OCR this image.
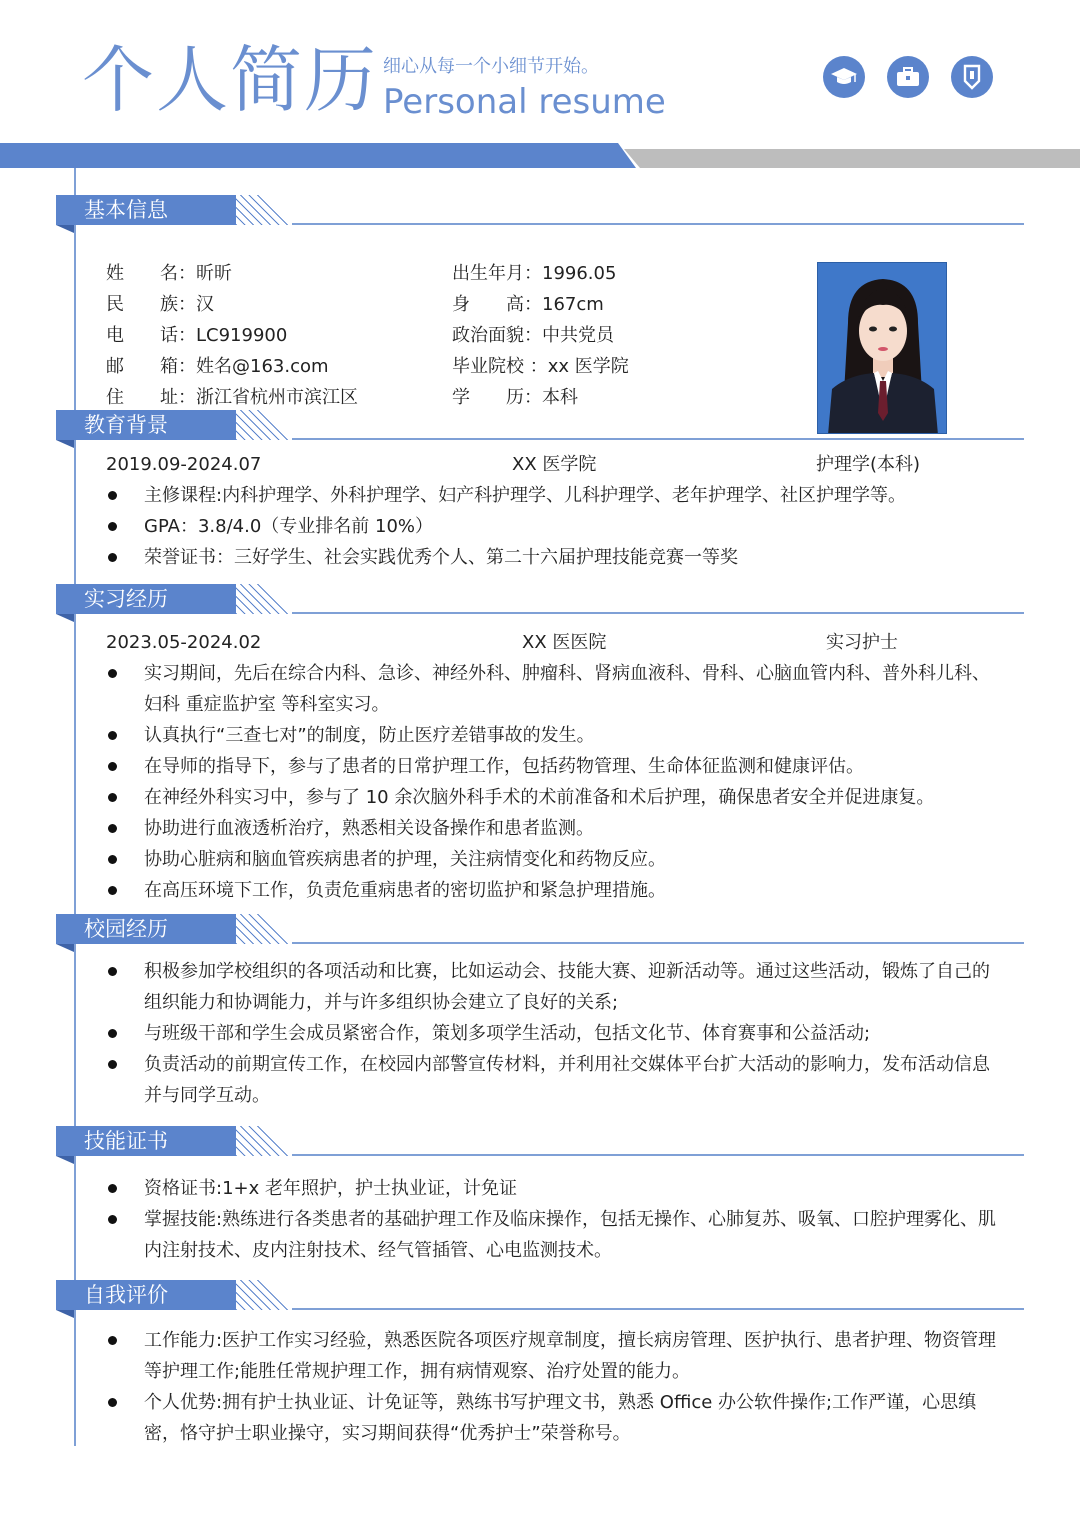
个人简历 细心从每一个小细节开始。
Personal resume
基本信息
姓　　名：昕昕
民　　族：汉
电　　话：LC919900
邮　　箱：姓名@163.com
住　　址：浙江省杭州市滨江区
出生年月：1996.05
身　　高：167cm
政治面貌：中共党员
毕业院校 ：xx 医学院
学　　历：本科
教育背景
2019.09-2024.07	XX 医学院	护理学(本科)
主修课程:内科护理学、外科护理学、妇产科护理学、儿科护理学、老年护理学、社区护理学等。
GPA：3.8/4.0（专业排名前 10%）
荣誉证书：三好学生、社会实践优秀个人、第二十六届护理技能竞赛一等奖
实习经历
2023.05-2024.02	XX 医医院	实习护士
实习期间，先后在综合内科、急诊、神经外科、肿瘤科、肾病血液科、骨科、心脑血管内科、普外科儿科、妇科 重症监护室 等科室实习。
认真执行“三查七对”的制度，防止医疗差错事故的发生。
在导师的指导下，参与了患者的日常护理工作，包括药物管理、生命体征监测和健康评估。
在神经外科实习中，参与了 10 余次脑外科手术的术前准备和术后护理，确保患者安全并促进康复。
协助进行血液透析治疗，熟悉相关设备操作和患者监测。
协助心脏病和脑血管疾病患者的护理，关注病情变化和药物反应。
在高压环境下工作，负责危重病患者的密切监护和紧急护理措施。
校园经历
积极参加学校组织的各项活动和比赛，比如运动会、技能大赛、迎新活动等。通过这些活动，锻炼了自己的组织能力和协调能力，并与许多组织协会建立了良好的关系;
与班级干部和学生会成员紧密合作，策划多项学生活动，包括文化节、体育赛事和公益活动;
负责活动的前期宣传工作，在校园内部警宣传材料，并利用社交媒体平台扩大活动的影响力，发布活动信息并与同学互动。
技能证书
资格证书:1+x 老年照护，护士执业证，计免证
掌握技能:熟练进行各类患者的基础护理工作及临床操作，包括无操作、心肺复苏、吸氧、口腔护理雾化、肌内注射技术、皮内注射技术、经气管插管、心电监测技术。
自我评价
工作能力:医护工作实习经验，熟悉医院各项医疗规章制度，擅长病房管理、医护执行、患者护理、物资管理等护理工作;能胜任常规护理工作，拥有病情观察、治疗处置的能力。
个人优势:拥有护士执业证、计免证等，熟练书写护理文书，熟悉 Office 办公软件操作;工作严谨，心思缜密，恪守护士职业操守，实习期间获得“优秀护士”荣誉称号。
